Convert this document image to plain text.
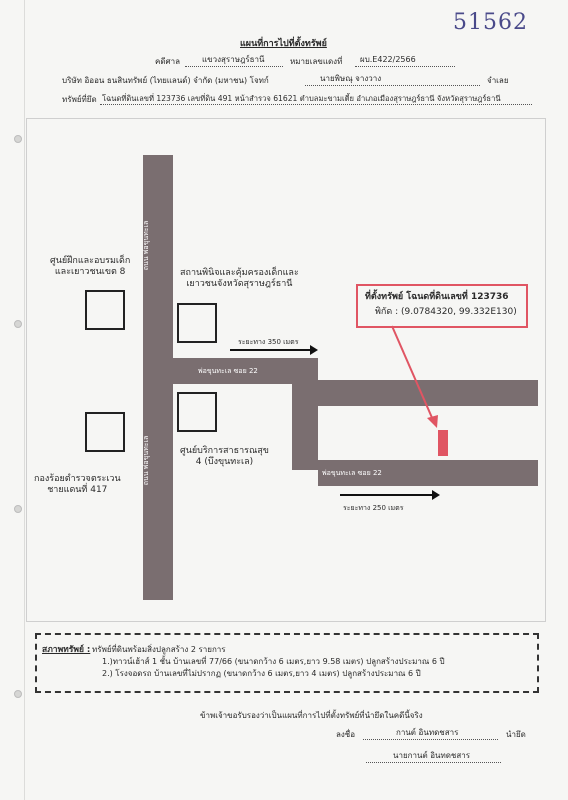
51562
แผนที่การไปที่ตั้งทรัพย์
คดีศาล	แขวงสุราษฎร์ธานี	หมายเลขแดงที่ ผบ.E422/2566
บริษัท อิออน ธนสินทรัพย์ (ไทยแลนด์) จำกัด (มหาชน) โจทก์	นายพิษณุ จางวาง	จำเลย
ทรัพย์ที่ยึด โฉนดที่ดินเลขที่ 123736 เลขที่ดิน 491 หน้าสำรวจ 61621 ตำบลมะขามเตี้ย อำเภอเมืองสุราษฎร์ธานี จังหวัดสุราษฎร์ธานี
ถนน พ่อขุนทะเล
ถนน พ่อขุนทะเล
พ่อขุนทะเล ซอย 22
พ่อขุนทะเล ซอย 22
ศูนย์ฝึกและอบรมเด็ก
และเยาวชนเขต 8	สถานพินิจและคุ้มครองเด็กและ
เยาวชนจังหวัดสุราษฎร์ธานี
ศูนย์บริการสาธารณสุข
4 (บึงขุนทะเล)
กองร้อยตำรวจตระเวน
ชายแดนที่ 417
ระยะทาง 350 เมตร
ระยะทาง 250 เมตร
ที่ตั้งทรัพย์ โฉนดที่ดินเลขที่ 123736
พิกัด : (9.0784320, 99.332E130)
สภาพทรัพย์ : ทรัพย์ที่ดินพร้อมสิ่งปลูกสร้าง 2 รายการ
1.)ทาวน์เฮ้าส์ 1 ชั้น บ้านเลขที่ 77/66 (ขนาดกว้าง 6 เมตร,ยาว 9.58 เมตร) ปลูกสร้างประมาณ 6 ปี
2.) โรงจอดรถ บ้านเลขที่ไม่ปรากฏ (ขนาดกว้าง 6 เมตร,ยาว 4 เมตร) ปลูกสร้างประมาณ 6 ปี
ข้าพเจ้าขอรับรองว่าเป็นแผนที่การไปที่ตั้งทรัพย์ที่นำยึดในคดีนี้จริง
ลงชื่อ	กานต์ อินทดชสาร	นำยึด
นายกานต์ อินทดชสาร
